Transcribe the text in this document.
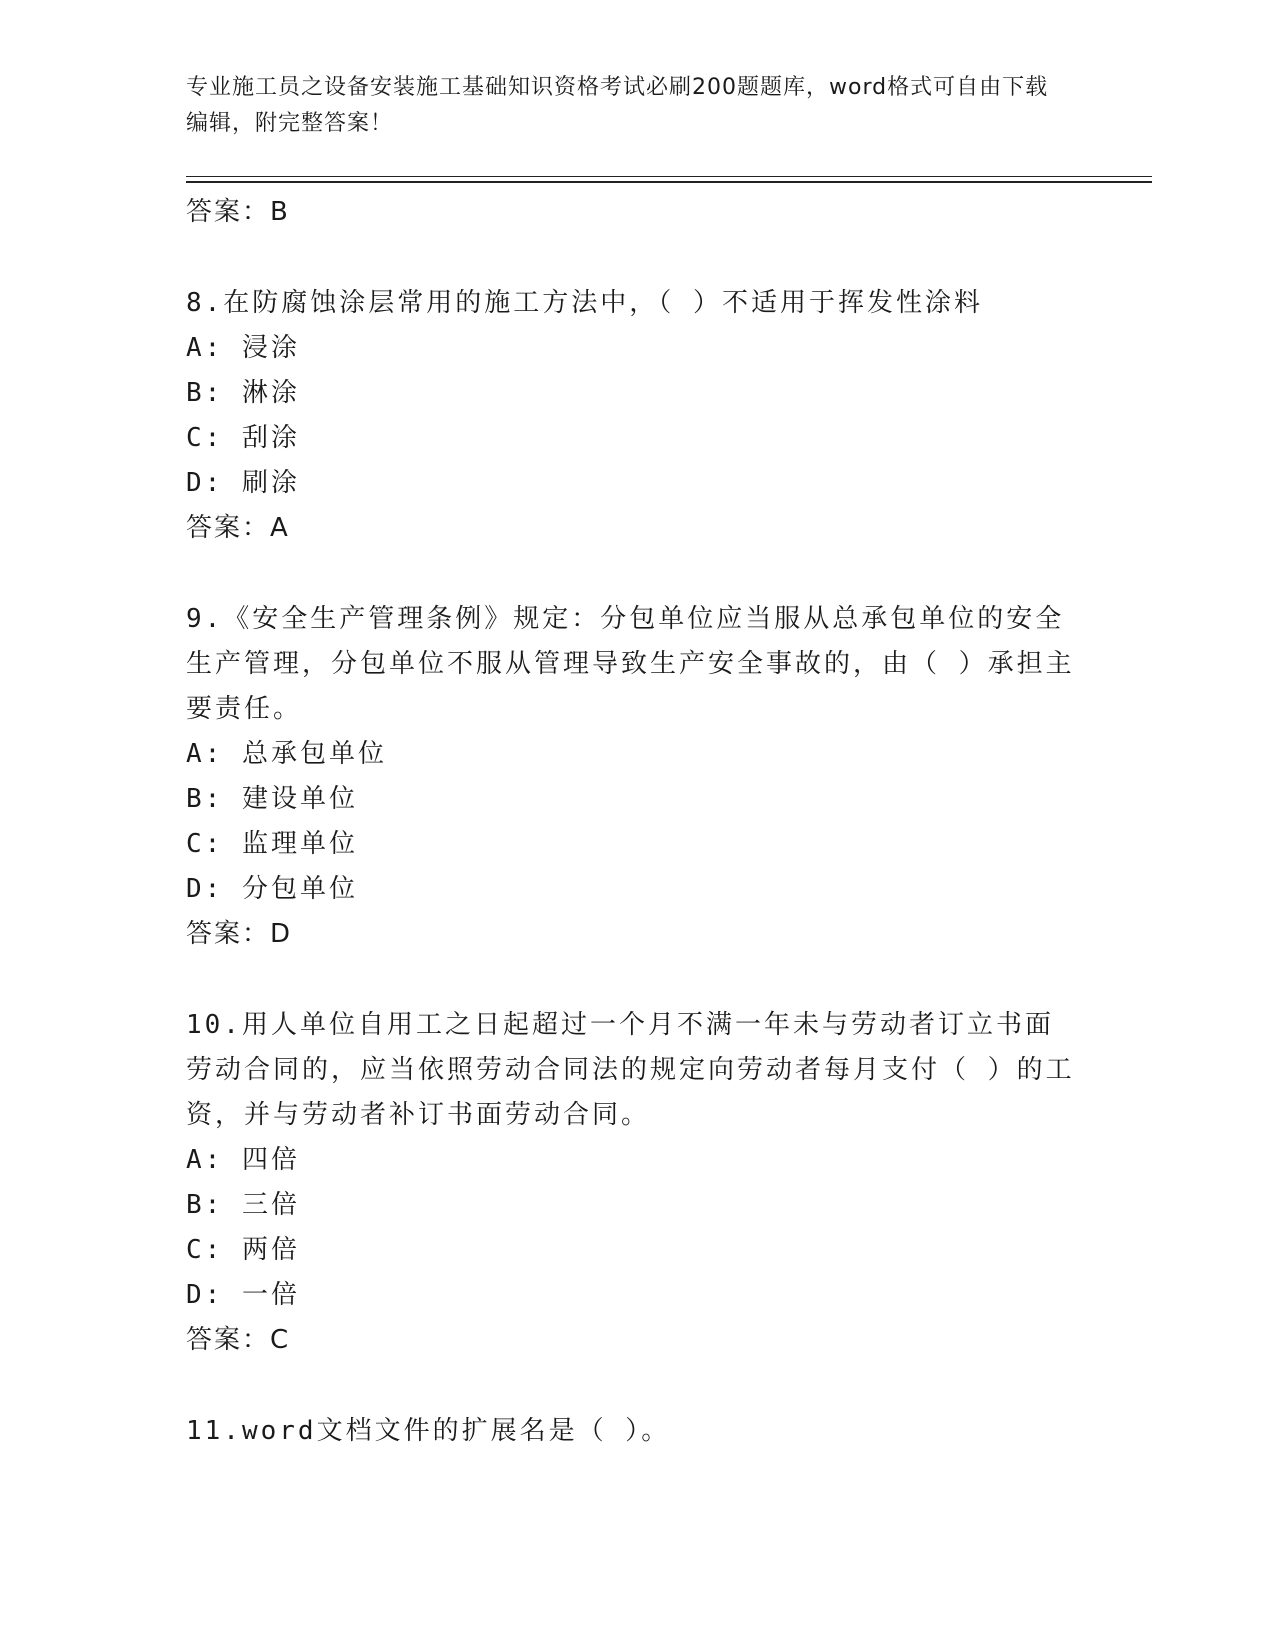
专业施工员之设备安装施工基础知识资格考试必刷200题题库，word格式可自由下载编辑，附完整答案！
答案：B

8.在防腐蚀涂层常用的施工方法中，（ ）不适用于挥发性涂料

A: 浸涂
B: 淋涂
C: 刮涂
D: 刷涂
答案：A

9.《安全生产管理条例》规定：分包单位应当服从总承包单位的安全生产管理，分包单位不服从管理导致生产安全事故的，由（ ）承担主要责任。

A: 总承包单位
B: 建设单位
C: 监理单位
D: 分包单位
答案：D

10.用人单位自用工之日起超过一个月不满一年未与劳动者订立书面劳动合同的，应当依照劳动合同法的规定向劳动者每月支付（ ）的工资，并与劳动者补订书面劳动合同。

A: 四倍
B: 三倍
C: 两倍
D: 一倍
答案：C

11.word文档文件的扩展名是（ ）。
